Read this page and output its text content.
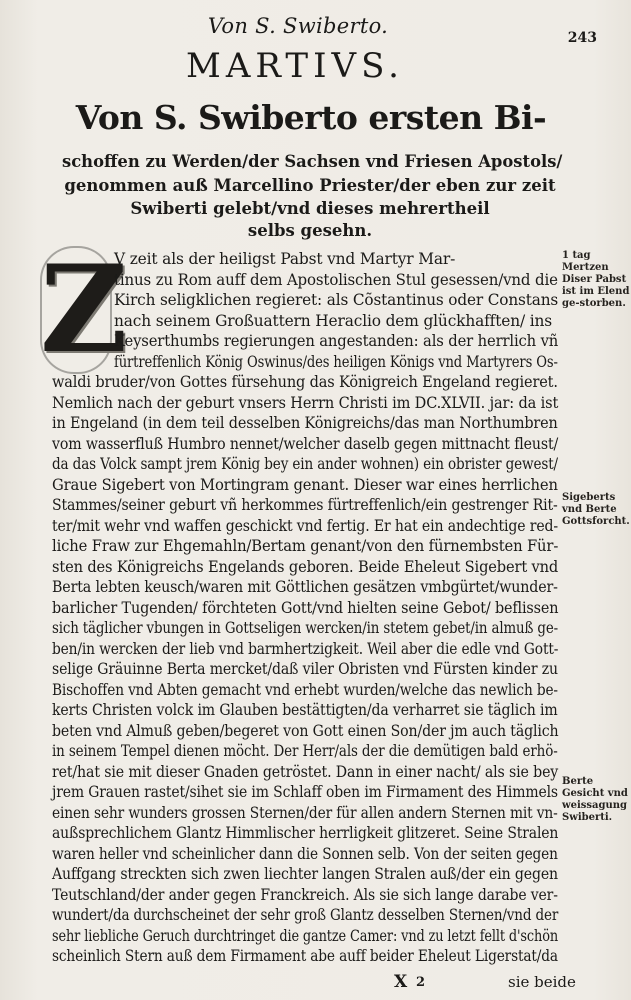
Von S. Swiberto.	243
MARTIVS.
Von S. Swiberto ersten Bi-
schoffen zu Werden/der Sachsen vnd Friesen Apostols/
genommen auß Marcellino Priester/der eben zur zeit
Swiberti gelebt/vnd dieses mehrertheil
selbs gesehn.
Z
V zeit als der heiligst Pabst vnd Martyr Mar-
tinus zu Rom auff dem Apostolischen Stul gesessen/vnd die
Kirch seligklichen regieret: als Cõstantinus oder Constans
nach seinem Großuattern Heraclio dem glückhafften/ ins
Keyserthumbs regierungen angestanden: als der herrlich vñ
fürtreffenlich König Oswinus/des heiligen Königs vnd Martyrers Os-
waldi bruder/von Gottes fürsehung das Königreich Engeland regieret.
Nemlich nach der geburt vnsers Herrn Christi im DC.XLVII. jar: da ist
in Engeland (in dem teil desselben Königreichs/das man Northumbren
vom wasserfluß Humbro nennet/welcher daselb gegen mittnacht fleust/
da das Volck sampt jrem König bey ein ander wohnen) ein obrister gewest/
Graue Sigebert von Mortingram genant. Dieser war eines herrlichen
Stammes/seiner geburt vñ herkommes fürtreffenlich/ein gestrenger Rit-
ter/mit wehr vnd waffen geschickt vnd fertig. Er hat ein andechtige red-
liche Fraw zur Ehgemahln/Bertam genant/von den fürnembsten Für-
sten des Königreichs Engelands geboren. Beide Eheleut Sigebert vnd
Berta lebten keusch/waren mit Göttlichen gesätzen vmbgürtet/wunder-
barlicher Tugenden/ förchteten Gott/vnd hielten seine Gebot/ beflissen
sich täglicher vbungen in Gottseligen wercken/in stetem gebet/in almuß ge-
ben/in wercken der lieb vnd barmhertzigkeit. Weil aber die edle vnd Gott-
selige Gräuinne Berta mercket/daß viler Obristen vnd Fürsten kinder zu
Bischoffen vnd Abten gemacht vnd erhebt wurden/welche das newlich be-
kerts Christen volck im Glauben bestättigten/da verharret sie täglich im
beten vnd Almuß geben/begeret von Gott einen Son/der jm auch täglich
in seinem Tempel dienen möcht. Der Herr/als der die demütigen bald erhö-
ret/hat sie mit dieser Gnaden getröstet. Dann in einer nacht/ als sie bey
jrem Grauen rastet/sihet sie im Schlaff oben im Firmament des Himmels
einen sehr wunders grossen Sternen/der für allen andern Sternen mit vn-
außsprechlichem Glantz Himmlischer herrligkeit glitzeret. Seine Stralen
waren heller vnd scheinlicher dann die Sonnen selb. Von der seiten gegen
Auffgang streckten sich zwen liechter langen Stralen auß/der ein gegen
Teutschland/der ander gegen Franckreich. Als sie sich lange darabe ver-
wundert/da durchscheinet der sehr groß Glantz desselben Sternen/vnd der
sehr liebliche Geruch durchtringet die gantze Camer: vnd zu letzt fellt d'schön
scheinlich Stern auß dem Firmament abe auff beider Eheleut Ligerstat/da
1 tag Mertzen Diser Pabst ist im Elend ge-storben.
Sigeberts vnd Berte Gottsforcht.
Berte Gesicht vnd weissagung Swiberti.
X 2	sie beide
